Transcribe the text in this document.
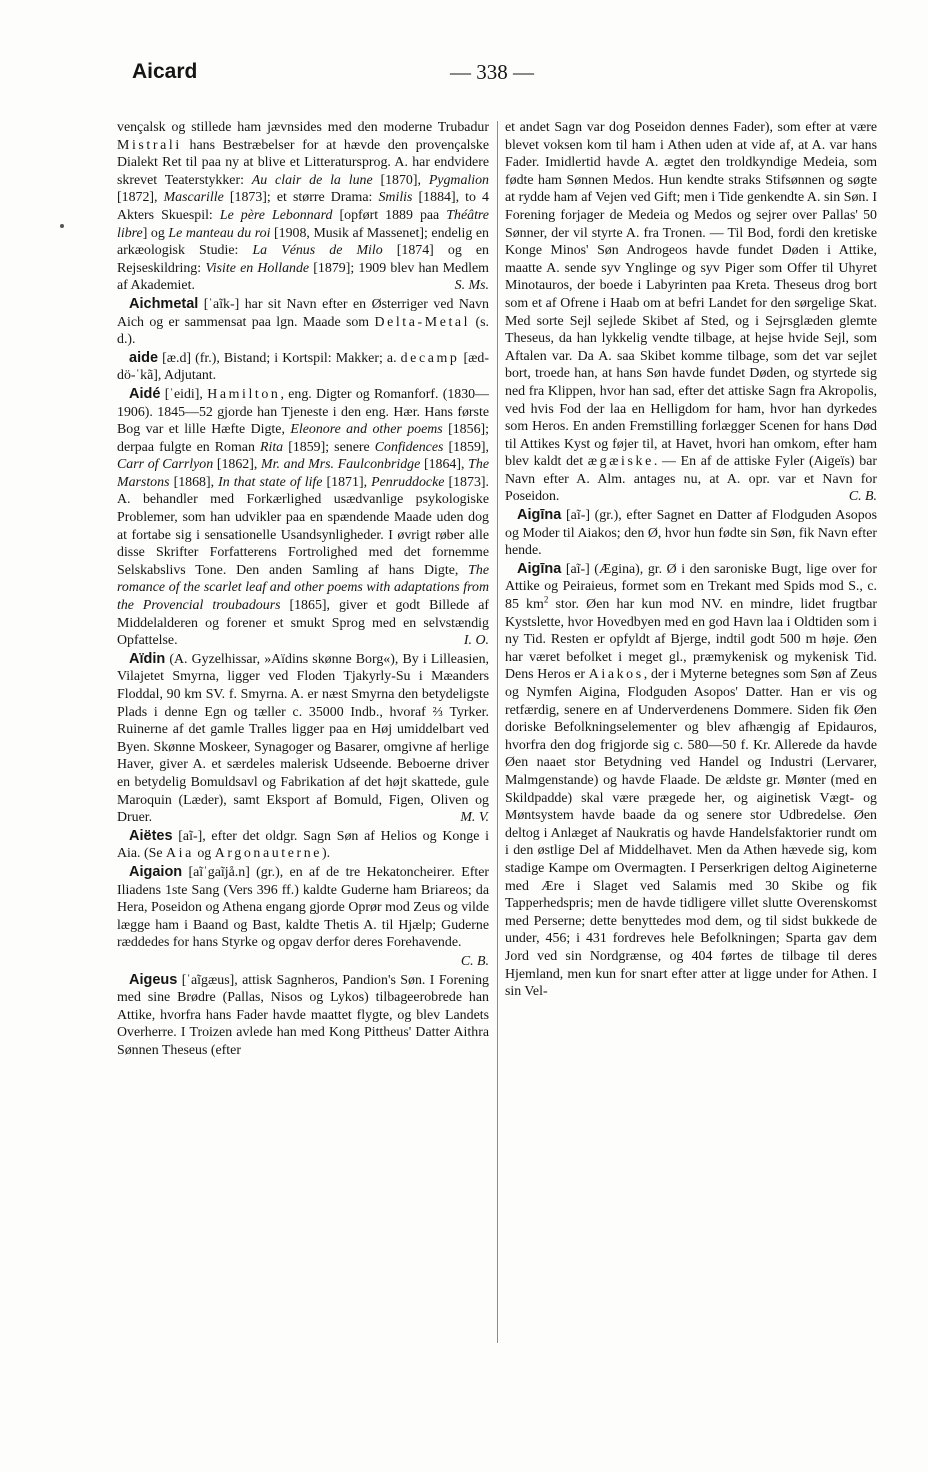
Aicard	— 338 —

vençalsk og stillede ham jævnsides med den moderne Trubadur Mistrali hans Bestræbelser for at hævde den provençalske Dialekt Ret til paa ny at blive et Litteratursprog. A. har endvidere skrevet Teaterstykker: Au clair de la lune [1870], Pygmalion [1872], Mascarille [1873]; et større Drama: Smilis [1884], to 4 Akters Skuespil: Le père Lebonnard [opført 1889 paa Théâtre libre] og Le manteau du roi [1908, Musik af Massenet]; endelig en arkæologisk Studie: La Vénus de Milo [1874] og en Rejseskildring: Visite en Hollande [1879]; 1909 blev han Medlem af Akademiet.	S. Ms.

Aichmetal [ˈaĩk-] har sit Navn efter en Østerriger ved Navn Aich og er sammensat paa lgn. Maade som Delta-Metal (s. d.).

aide [æ.d] (fr.), Bistand; i Kortspil: Makker; a. decamp [æd-dö-ˈkã], Adjutant.

Aidé [ˈeidi], Hamilton, eng. Digter og Romanforf. (1830—1906). 1845—52 gjorde han Tjeneste i den eng. Hær. Hans første Bog var et lille Hæfte Digte, Eleonore and other poems [1856]; derpaa fulgte en Roman Rita [1859]; senere Confidences [1859], Carr of Carrlyon [1862], Mr. and Mrs. Faulconbridge [1864], The Marstons [1868], In that state of life [1871], Penruddocke [1873]. A. behandler med Forkærlighed usædvanlige psykologiske Problemer, som han udvikler paa en spændende Maade uden dog at fortabe sig i sensationelle Usandsynligheder. I øvrigt røber alle disse Skrifter Forfatterens Fortrolighed med det fornemme Selskabslivs Tone. Den anden Samling af hans Digte, The romance of the scarlet leaf and other poems with adaptations from the Provencial troubadours [1865], giver et godt Billede af Middelalderen og forener et smukt Sprog med en selvstændig Opfattelse.	I. O.

Aïdin (A. Gyzelhissar, »Aïdins skønne Borg«), By i Lilleasien, Vilajetet Smyrna, ligger ved Floden Tjakyrly-Su i Mæanders Floddal, 90 km SV. f. Smyrna. A. er næst Smyrna den betydeligste Plads i denne Egn og tæller c. 35000 Indb., hvoraf ⅔ Tyrker. Ruinerne af det gamle Tralles ligger paa en Høj umiddelbart ved Byen. Skønne Moskeer, Synagoger og Basarer, omgivne af herlige Haver, giver A. et særdeles malerisk Udseende. Beboerne driver en betydelig Bomuldsavl og Fabrikation af det højt skattede, gule Maroquin (Læder), samt Eksport af Bomuld, Figen, Oliven og Druer.	M. V.

Aiëtes [aĩ-], efter det oldgr. Sagn Søn af Helios og Konge i Aia. (Se Aia og Argonauterne).

Aigaion [aĩˈgaĩjå.n] (gr.), en af de tre Hekatoncheirer. Efter Iliadens 1ste Sang (Vers 396 ff.) kaldte Guderne ham Briareos; da Hera, Poseidon og Athena engang gjorde Oprør mod Zeus og vilde lægge ham i Baand og Bast, kaldte Thetis A. til Hjælp; Guderne ræddedes for hans Styrke og opgav derfor deres Forehavende.

C. B.

Aigeus [ˈaĩgæus], attisk Sagnheros, Pandion's Søn. I Forening med sine Brødre (Pallas, Nisos og Lykos) tilbageerobrede han Attike, hvorfra hans Fader havde maattet flygte, og blev Landets Overherre. I Troizen avlede han med Kong Pittheus' Datter Aithra Sønnen Theseus (efter

et andet Sagn var dog Poseidon dennes Fader), som efter at være blevet voksen kom til ham i Athen uden at vide af, at A. var hans Fader. Imidlertid havde A. ægtet den troldkyndige Medeia, som fødte ham Sønnen Medos. Hun kendte straks Stifsønnen og søgte at rydde ham af Vejen ved Gift; men i Tide genkendte A. sin Søn. I Forening forjager de Medeia og Medos og sejrer over Pallas' 50 Sønner, der vil styrte A. fra Tronen. — Til Bod, fordi den kretiske Konge Minos' Søn Androgeos havde fundet Døden i Attike, maatte A. sende syv Ynglinge og syv Piger som Offer til Uhyret Minotauros, der boede i Labyrinten paa Kreta. Theseus drog bort som et af Ofrene i Haab om at befri Landet for den sørgelige Skat. Med sorte Sejl sejlede Skibet af Sted, og i Sejrsglæden glemte Theseus, da han lykkelig vendte tilbage, at hejse hvide Sejl, som Aftalen var. Da A. saa Skibet komme tilbage, som det var sejlet bort, troede han, at hans Søn havde fundet Døden, og styrtede sig ned fra Klippen, hvor han sad, efter det attiske Sagn fra Akropolis, ved hvis Fod der laa en Helligdom for ham, hvor han dyrkedes som Heros. En anden Fremstilling forlægger Scenen for hans Død til Attikes Kyst og føjer til, at Havet, hvori han omkom, efter ham blev kaldt det ægæiske. — En af de attiske Fyler (Aigeïs) bar Navn efter A. Alm. antages nu, at A. opr. var et Navn for Poseidon.	C. B.

Aigīna [aĩ-] (gr.), efter Sagnet en Datter af Flodguden Asopos og Moder til Aiakos; den Ø, hvor hun fødte sin Søn, fik Navn efter hende.

Aigīna [aĩ-] (Ægina), gr. Ø i den saroniske Bugt, lige over for Attike og Peiraieus, formet som en Trekant med Spids mod S., c. 85 $km^2$ stor. Øen har kun mod NV. en mindre, lidet frugtbar Kystslette, hvor Hovedbyen med en god Havn laa i Oldtiden som i ny Tid. Resten er opfyldt af Bjerge, indtil godt 500 m høje. Øen har været befolket i meget gl., præmykenisk og mykenisk Tid. Dens Heros er Aiakos, der i Myterne betegnes som Søn af Zeus og Nymfen Aigina, Flodguden Asopos' Datter. Han er vis og retfærdig, senere en af Underverdenens Dommere. Siden fik Øen doriske Befolkningselementer og blev afhængig af Epidauros, hvorfra den dog frigjorde sig c. 580—50 f. Kr. Allerede da havde Øen naaet stor Betydning ved Handel og Industri (Lervarer, Malmgenstande) og havde Flaade. De ældste gr. Mønter (med en Skildpadde) skal være prægede her, og aiginetisk Vægt- og Møntsystem havde baade da og senere stor Udbredelse. Øen deltog i Anlæget af Naukratis og havde Handelsfaktorier rundt om i den østlige Del af Middelhavet. Men da Athen hævede sig, kom stadige Kampe om Overmagten. I Perserkrigen deltog Aigineterne med Ære i Slaget ved Salamis med 30 Skibe og fik Tapperhedspris; men de havde tidligere villet slutte Overenskomst med Perserne; dette benyttedes mod dem, og til sidst bukkede de under, 456; i 431 fordreves hele Befolkningen; Sparta gav dem Jord ved sin Nordgrænse, og 404 førtes de tilbage til deres Hjemland, men kun for snart efter atter at ligge under for Athen. I sin Vel-
